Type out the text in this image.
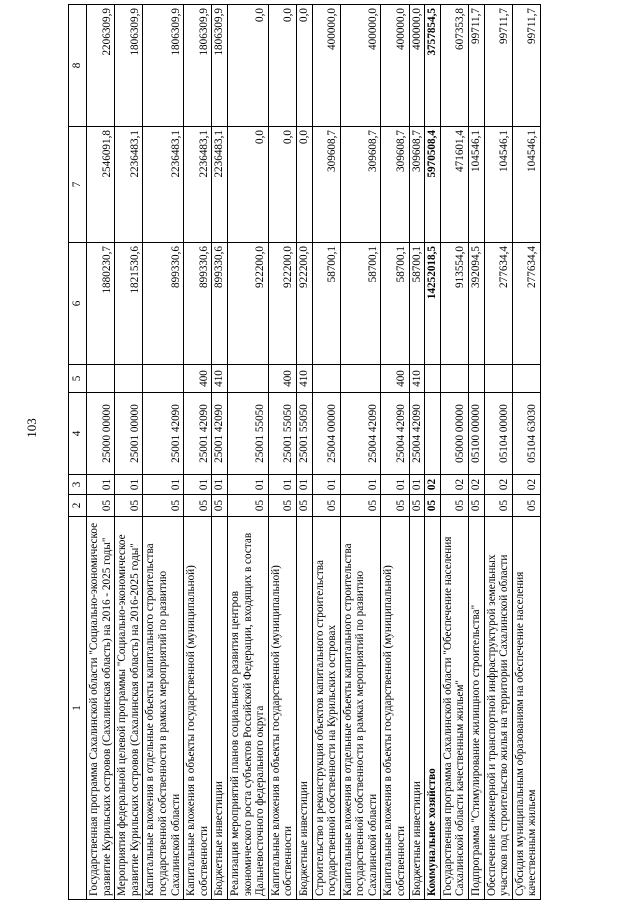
103
1	2	3	4	5	6	7	8
Государственная программа Сахалинской области "Социально-экономическое развитие Курильских островов (Сахалинская область) на 2016 - 2025 годы"	05	01	25000 00000		1880230,7	2546091,8	2206309,9
Мероприятия федеральной целевой программы "Социально-экономическое развитие Курильских островов (Сахалинская область) на 2016-2025 годы"	05	01	25001 00000		1821530,6	2236483,1	1806309,9
Капитальные вложения в отдельные объекты капитального строительства государственной собственности в рамках мероприятий по развитию Сахалинской области	05	01	25001 42090		899330,6	2236483,1	1806309,9
Капитальные вложения в объекты государственной (муниципальной) собственности	05	01	25001 42090	400	899330,6	2236483,1	1806309,9
Бюджетные инвестиции	05	01	25001 42090	410	899330,6	2236483,1	1806309,9
Реализация мероприятий планов социального развития центров экономического роста субъектов Российской Федерации, входящих в состав Дальневосточного федерального округа	05	01	25001 55050		922200,0	0,0	0,0
Капитальные вложения в объекты государственной (муниципальной) собственности	05	01	25001 55050	400	922200,0	0,0	0,0
Бюджетные инвестиции	05	01	25001 55050	410	922200,0	0,0	0,0
Строительство и реконструкция объектов капитального строительства государственной собственности на Курильских островах	05	01	25004 00000		58700,1	309608,7	400000,0
Капитальные вложения в отдельные объекты капитального строительства государственной собственности в рамках мероприятий по развитию Сахалинской области	05	01	25004 42090		58700,1	309608,7	400000,0
Капитальные вложения в объекты государственной (муниципальной) собственности	05	01	25004 42090	400	58700,1	309608,7	400000,0
Бюджетные инвестиции	05	01	25004 42090	410	58700,1	309608,7	400000,0
Коммунальное хозяйство	05	02			14252018,5	5970508,4	3757854,5
Государственная программа Сахалинской области "Обеспечение населения Сахалинской области качественным жильем"	05	02	05000 00000		913554,0	471601,4	607353,8
Подпрограмма "Стимулирование жилищного строительства"	05	02	05100 00000		392094,5	104546,1	99711,7
Обеспечение инженерной и транспортной инфраструктурой земельных участков под строительство жилья на территории Сахалинской области	05	02	05104 00000		277634,4	104546,1	99711,7
Субсидия муниципальным образованиям на обеспечение населения качественным жильем	05	02	05104 63030		277634,4	104546,1	99711,7
